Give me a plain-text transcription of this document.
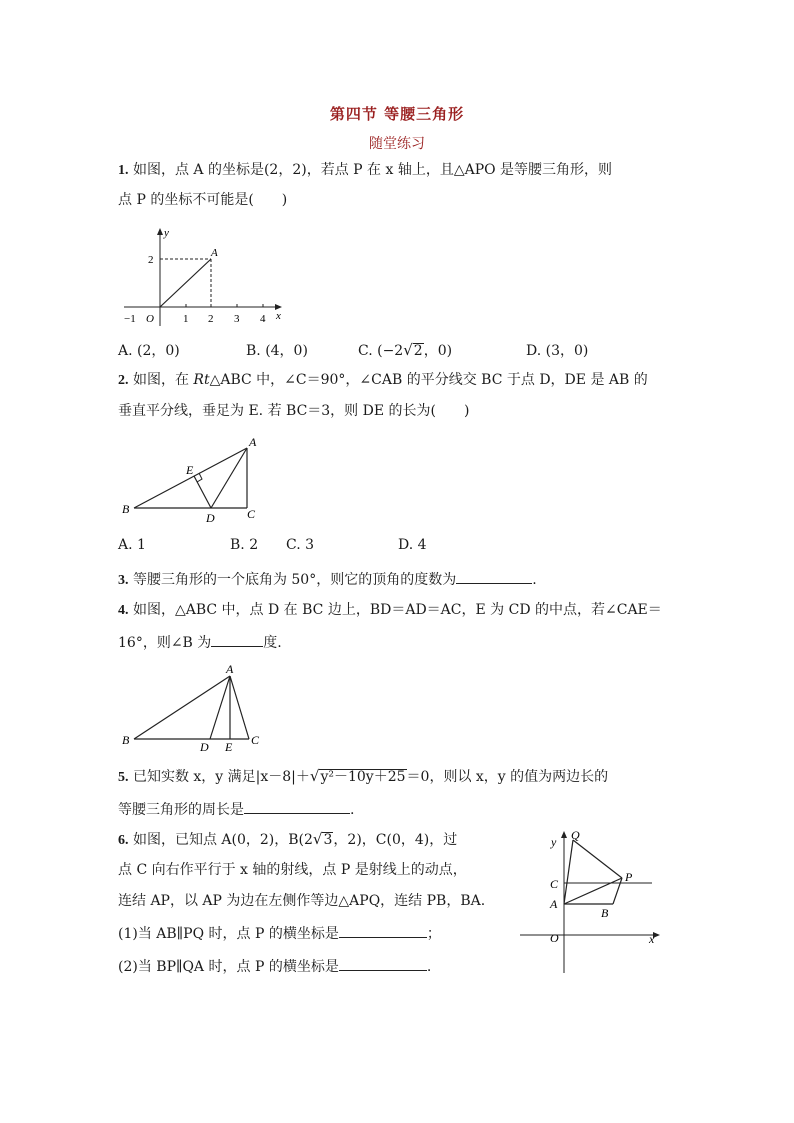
第四节 等腰三角形
随堂练习
1. 如图，点 A 的坐标是(2，2)，若点 P 在 x 轴上，且△APO 是等腰三角形，则
点 P 的坐标不可能是(　　)
y
x
A
O
2
−1	1 2 3 4
A. (2，0)	B. (4，0)	C. (−2√2，0)	D. (3，0)
2. 如图，在 Rt△ABC 中，∠C＝90°，∠CAB 的平分线交 BC 于点 D，DE 是 AB 的
垂直平分线，垂足为 E. 若 BC＝3，则 DE 的长为(　　)
A
B	C
D
E
A. 1	B. 2 C. 3	D. 4
3. 等腰三角形的一个底角为 50°，则它的顶角的度数为	.
4. 如图，△ABC 中，点 D 在 BC 边上，BD＝AD＝AC，E 为 CD 的中点，若∠CAE＝
16°，则∠B 为	度.
A
B	C
D E
5. 已知实数 x，y 满足|x－8|＋√y²－10y＋25＝0，则以 x，y 的值为两边长的
等腰三角形的周长是	.
6. 如图，已知点 A(0，2)，B(2√3，2)，C(0，4)，过
点 C 向右作平行于 x 轴的射线，点 P 是射线上的动点，
连结 AP，以 AP 为边在左侧作等边△APQ，连结 PB，BA.
(1)当 AB∥PQ 时，点 P 的横坐标是	；
(2)当 BP∥QA 时，点 P 的横坐标是	.
Q
y
C	P
A
B
O	x
